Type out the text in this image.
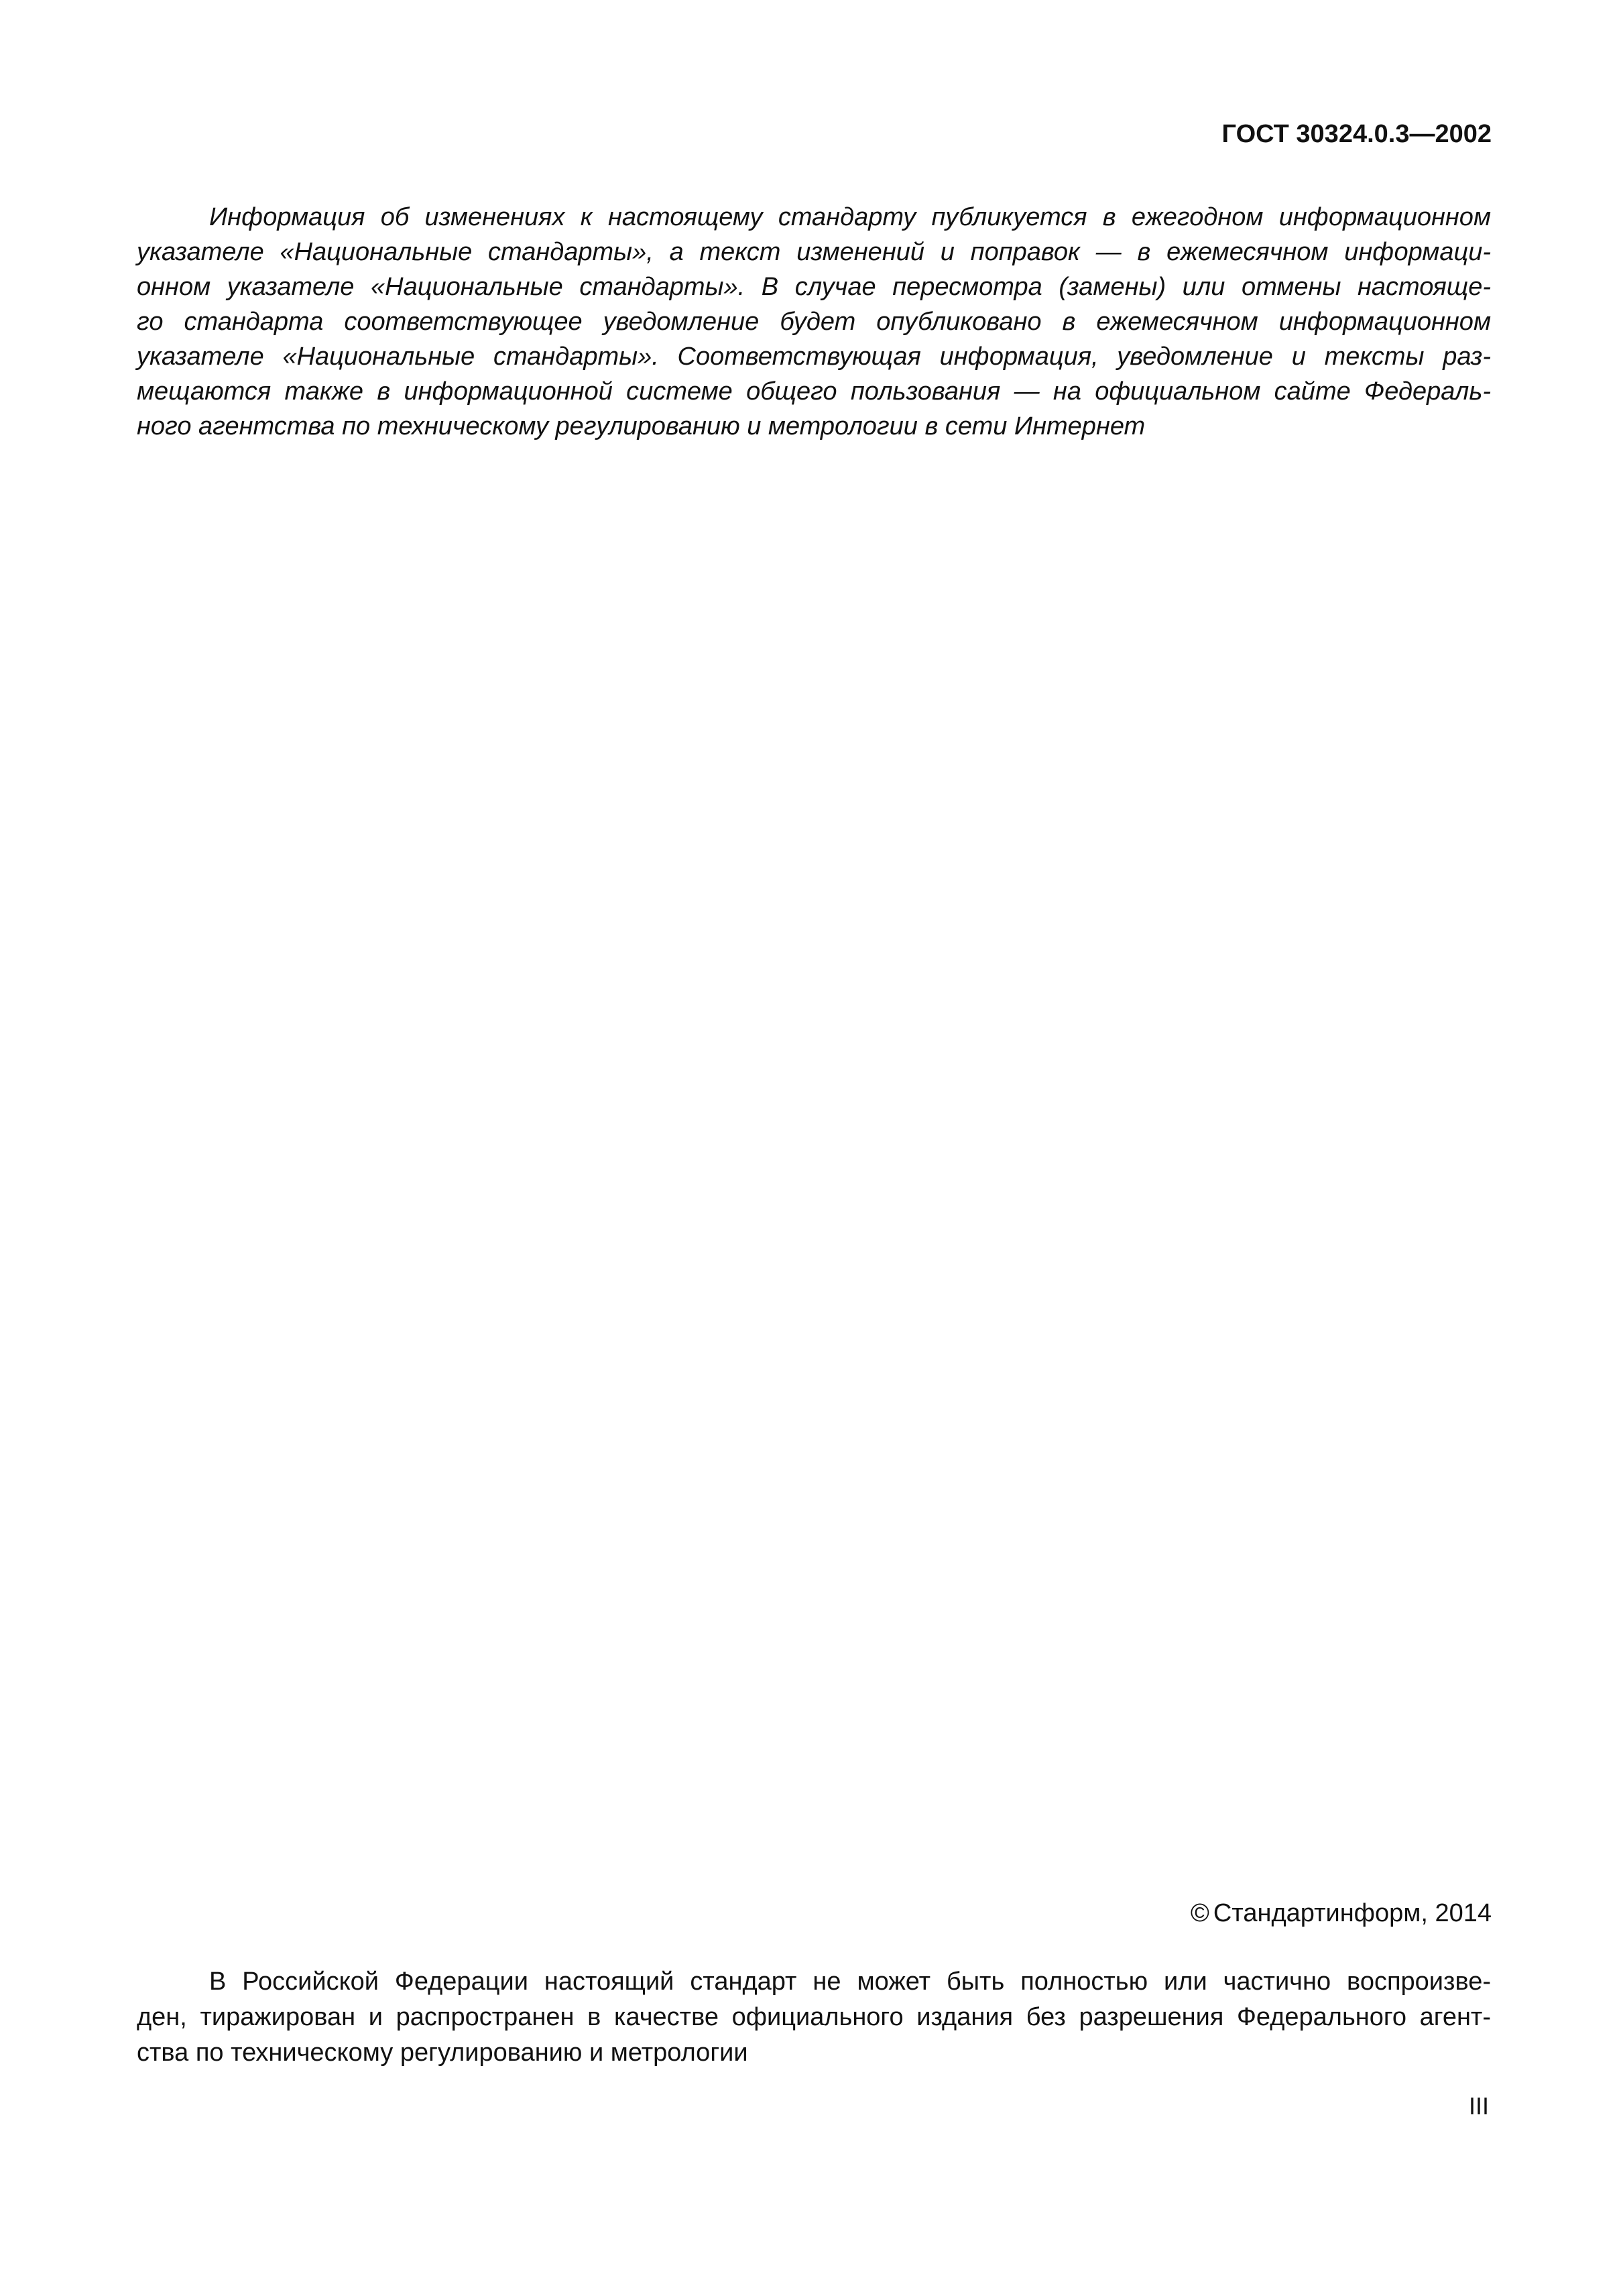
ГОСТ 30324.0.3—2002
Информация об изменениях к настоящему стандарту публикуется в ежегодном информационном
указателе «Национальные стандарты», а текст изменений и поправок — в ежемесячном информаци-
онном указателе «Национальные стандарты». В случае пересмотра (замены) или отмены настояще-
го стандарта соответствующее уведомление будет опубликовано в ежемесячном информационном
указателе «Национальные стандарты». Соответствующая информация, уведомление и тексты раз-
мещаются также в информационной системе общего пользования — на официальном сайте Федераль-
ного агентства по техническому регулированию и метрологии в сети Интернет
© Стандартинформ, 2014
В Российской Федерации настоящий стандарт не может быть полностью или частично воспроизве-
ден, тиражирован и распространен в качестве официального издания без разрешения Федерального агент-
ства по техническому регулированию и метрологии
III
